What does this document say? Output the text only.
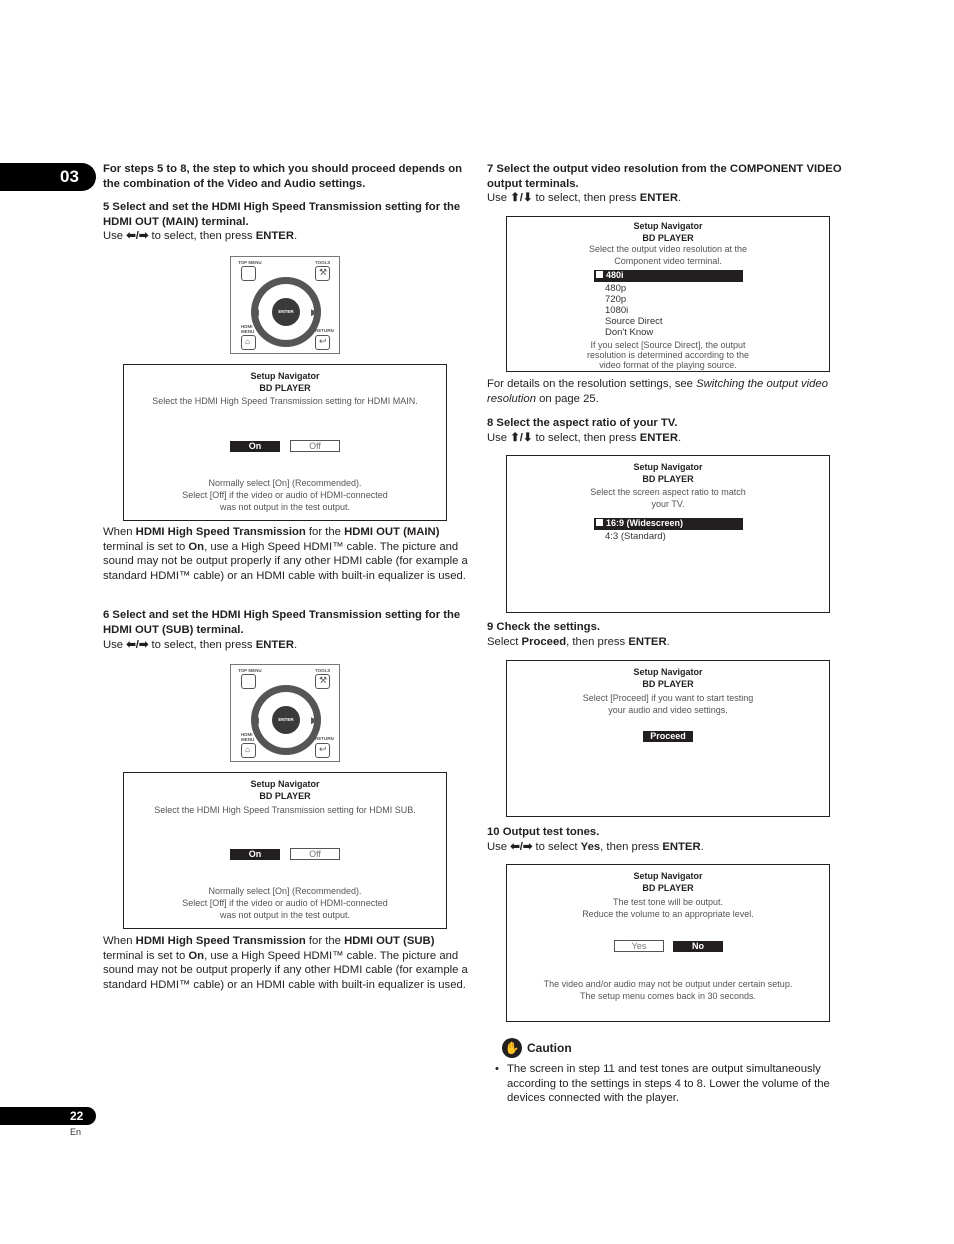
03
22
En
For steps 5 to 8, the step to which you should proceed depends on the combination of the Video and Audio settings.
5 Select and set the HDMI High Speed Transmission setting for the HDMI OUT (MAIN) terminal.
Use ⬅/➡ to select, then press ENTER.
TOP MENU	TOOLS
⚒
▲
▼
◀	▶
ENTER
HDMI MENU	RETURN
⌂	↩
Setup Navigator
BD PLAYER
Select the HDMI High Speed Transmission setting for HDMI MAIN.
On	Off
Normally select [On] (Recommended).
Select [Off] if the video or audio of HDMI-connected
was not output in the test output.
When HDMI High Speed Transmission for the HDMI OUT (MAIN) terminal is set to On, use a High Speed HDMI™ cable. The picture and sound may not be output properly if any other HDMI cable (for example a standard HDMI™ cable) or an HDMI cable with built-in equalizer is used.
6 Select and set the HDMI High Speed Transmission setting for the HDMI OUT (SUB) terminal.
Use ⬅/➡ to select, then press ENTER.
TOP MENU	TOOLS
⚒
▲
▼
◀	▶
ENTER
HDMI MENU	RETURN
⌂	↩
Setup Navigator
BD PLAYER
Select the HDMI High Speed Transmission setting for HDMI SUB.
On	Off
Normally select [On] (Recommended).
Select [Off] if the video or audio of HDMI-connected
was not output in the test output.
When HDMI High Speed Transmission for the HDMI OUT (SUB) terminal is set to On, use a High Speed HDMI™ cable. The picture and sound may not be output properly if any other HDMI cable (for example a standard HDMI™ cable) or an HDMI cable with built-in equalizer is used.
7 Select the output video resolution from the COMPONENT VIDEO output terminals.
Use ⬆/⬇ to select, then press ENTER.
Setup Navigator
BD PLAYER
Select the output video resolution at the
Component video terminal.
480i
480p
720p
1080i
Source Direct
Don't Know
If you select [Source Direct], the output
resolution is determined according to the
video format of the playing source.
For details on the resolution settings, see Switching the output video resolution on page 25.
8 Select the aspect ratio of your TV.
Use ⬆/⬇ to select, then press ENTER.
Setup Navigator
BD PLAYER
Select the screen aspect ratio to match
your TV.
16:9 (Widescreen)
4:3 (Standard)
9 Check the settings.
Select Proceed, then press ENTER.
Setup Navigator
BD PLAYER
Select [Proceed] if you want to start testing
your audio and video settings.
Proceed
10 Output test tones.
Use ⬅/➡ to select Yes, then press ENTER.
Setup Navigator
BD PLAYER
The test tone will be output.
Reduce the volume to an appropriate level.
Yes	No
The video and/or audio may not be output under certain setup.
The setup menu comes back in 30 seconds.
✋ Caution
• The screen in step 11 and test tones are output simultaneously according to the settings in steps 4 to 8. Lower the volume of the devices connected with the player.
